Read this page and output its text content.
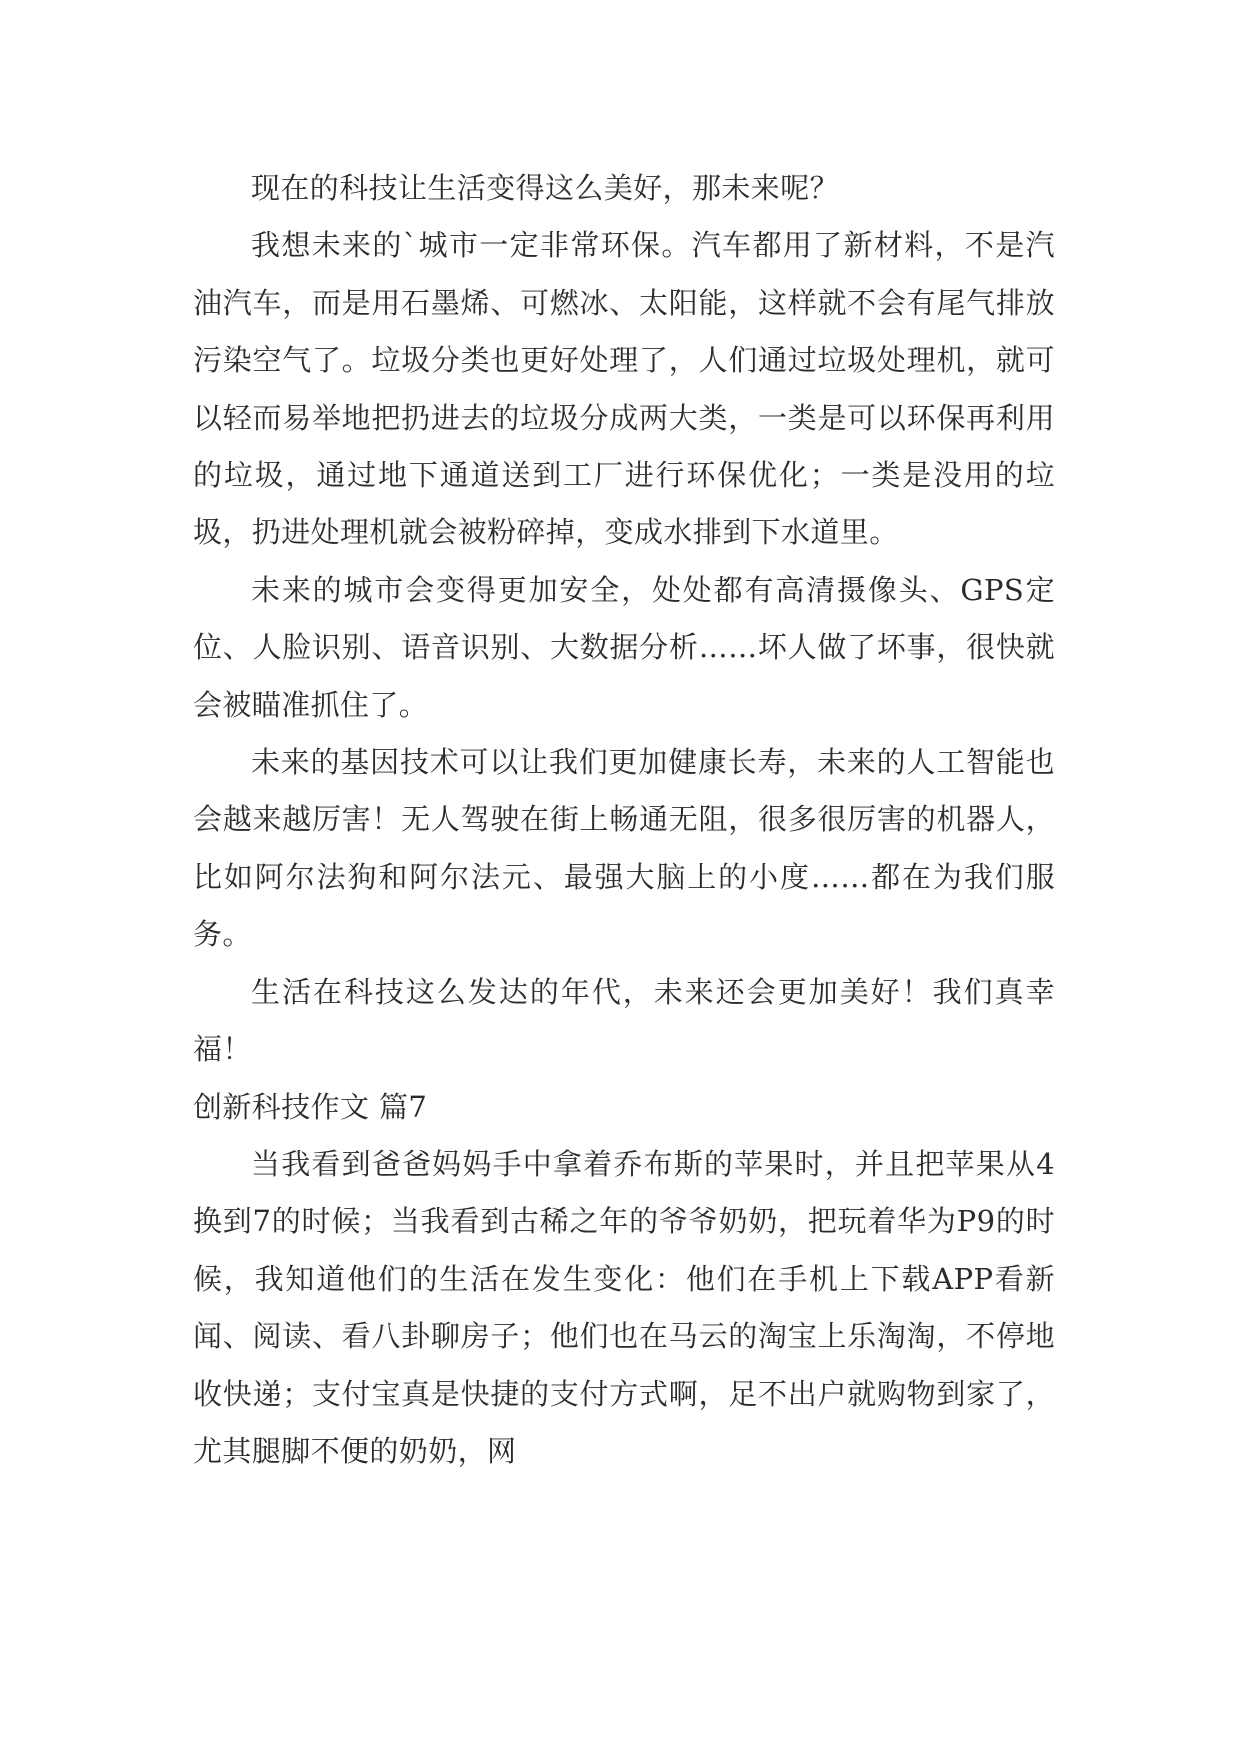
现在的科技让生活变得这么美好，那未来呢？

我想未来的`城市一定非常环保。汽车都用了新材料，不是汽油汽车，而是用石墨烯、可燃冰、太阳能，这样就不会有尾气排放污染空气了。垃圾分类也更好处理了，人们通过垃圾处理机，就可以轻而易举地把扔进去的垃圾分成两大类，一类是可以环保再利用的垃圾，通过地下通道送到工厂进行环保优化；一类是没用的垃圾，扔进处理机就会被粉碎掉，变成水排到下水道里。

未来的城市会变得更加安全，处处都有高清摄像头、GPS定位、人脸识别、语音识别、大数据分析……坏人做了坏事，很快就会被瞄准抓住了。

未来的基因技术可以让我们更加健康长寿，未来的人工智能也会越来越厉害！无人驾驶在街上畅通无阻，很多很厉害的机器人，比如阿尔法狗和阿尔法元、最强大脑上的小度……都在为我们服务。

生活在科技这么发达的年代，未来还会更加美好！我们真幸福！

创新科技作文 篇7

当我看到爸爸妈妈手中拿着乔布斯的苹果时，并且把苹果从4换到7的时候；当我看到古稀之年的爷爷奶奶，把玩着华为P9的时候，我知道他们的生活在发生变化：他们在手机上下载APP看新闻、阅读、看八卦聊房子；他们也在马云的淘宝上乐淘淘，不停地收快递；支付宝真是快捷的支付方式啊，足不出户就购物到家了，尤其腿脚不便的奶奶，网
